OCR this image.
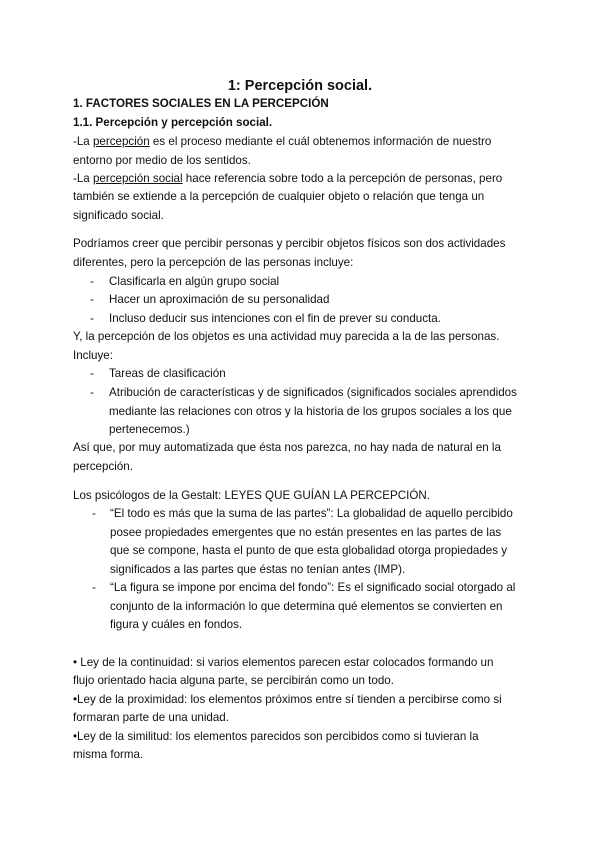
1: Percepción social.
1. FACTORES SOCIALES EN LA PERCEPCIÓN
1.1. Percepción y percepción social.
-La percepción es el proceso mediante el cuál obtenemos información de nuestro
entorno por medio de los sentidos.
-La percepción social hace referencia sobre todo a la percepción de personas, pero
también se extiende a la percepción de cualquier objeto o relación que tenga un
significado social.
Podríamos creer que percibir personas y percibir objetos físicos son dos actividades
diferentes, pero la percepción de las personas incluye:
- Clasificarla en algún grupo social
- Hacer un aproximación de su personalidad
- Incluso deducir sus intenciones con el fin de prever su conducta.
Y, la percepción de los objetos es una actividad muy parecida a la de las personas.
Incluye:
- Tareas de clasificación
- Atribución de características y de significados (significados sociales aprendidos
mediante las relaciones con otros y la historia de los grupos sociales a los que
pertenecemos.)
Así que, por muy automatizada que ésta nos parezca, no hay nada de natural en la
percepción.
Los psicólogos de la Gestalt: LEYES QUE GUÍAN LA PERCEPCIÓN.
- “El todo es más que la suma de las partes”: La globalidad de aquello percibido
posee propiedades emergentes que no están presentes en las partes de las
que se compone, hasta el punto de que esta globalidad otorga propiedades y
significados a las partes que éstas no tenían antes (IMP).
- “La figura se impone por encima del fondo”: Es el significado social otorgado al
conjunto de la información lo que determina qué elementos se convierten en
figura y cuáles en fondos.
• Ley de la continuidad: si varios elementos parecen estar colocados formando un
flujo orientado hacia alguna parte, se percibirán como un todo.
•Ley de la proximidad: los elementos próximos entre sí tienden a percibirse como si
formaran parte de una unidad.
•Ley de la similitud: los elementos parecidos son percibidos como si tuvieran la
misma forma.
